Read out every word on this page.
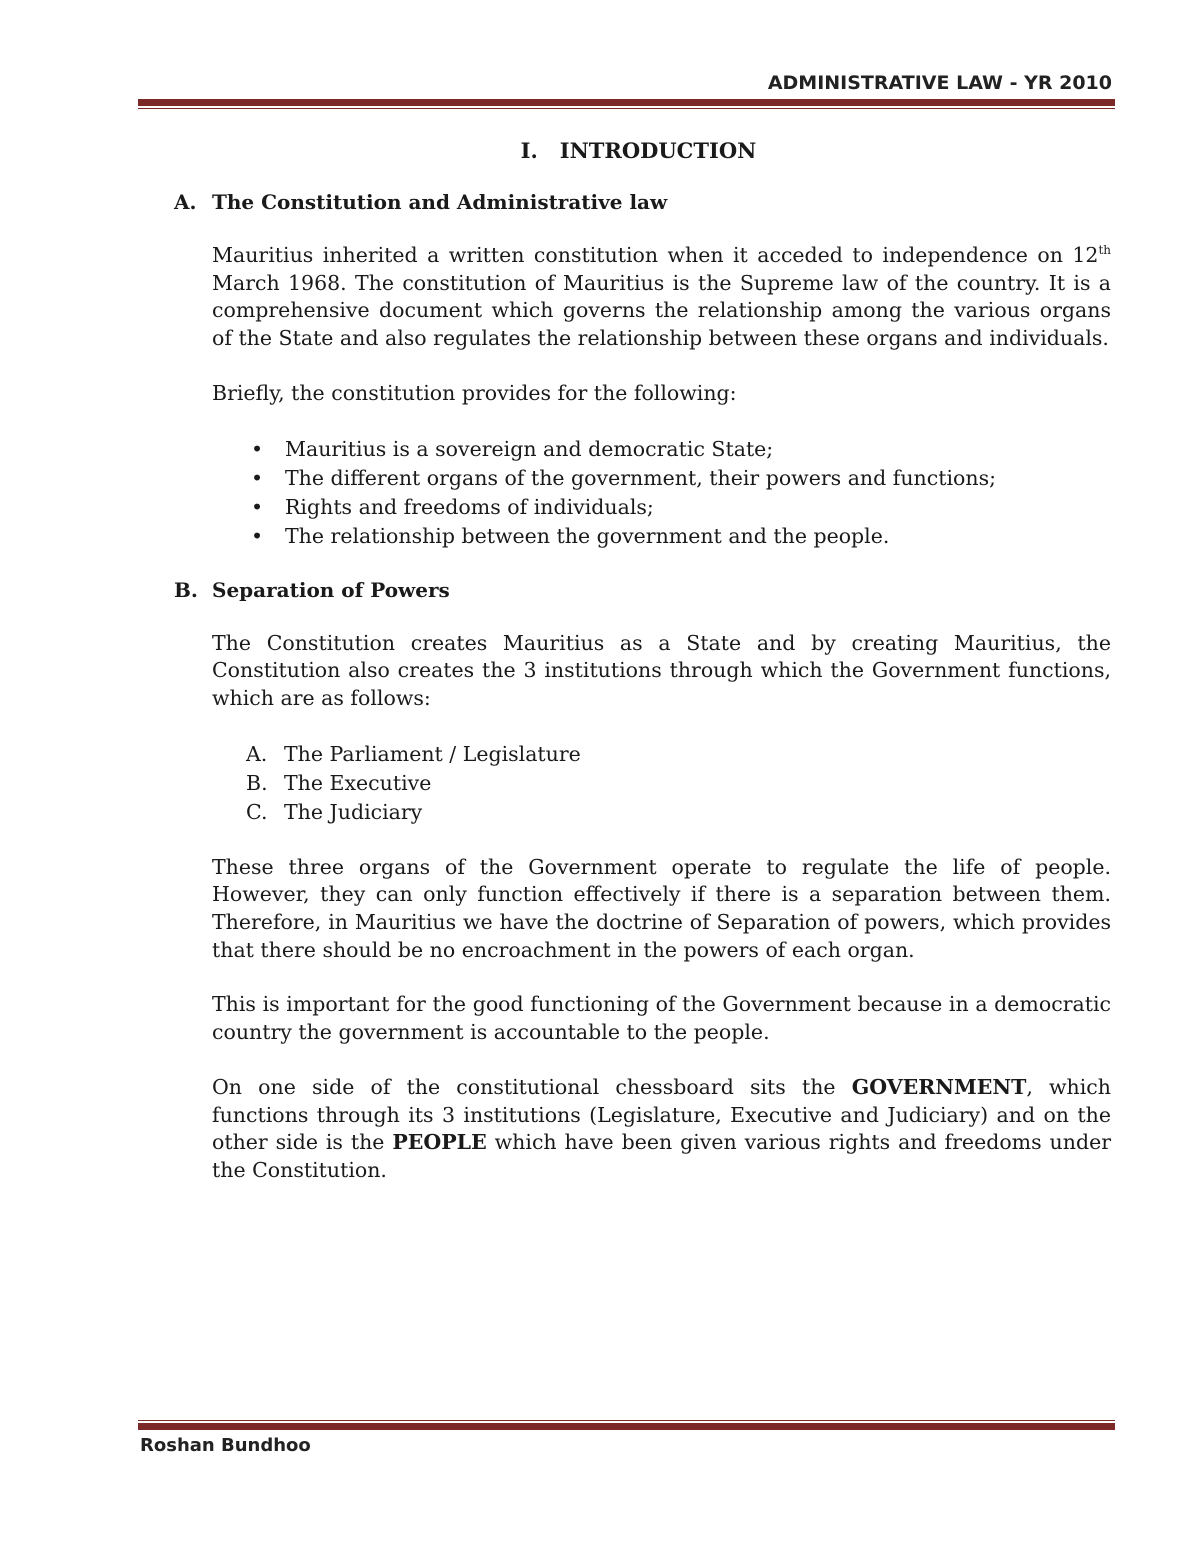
ADMINISTRATIVE LAW - YR 2010
I. INTRODUCTION
A. The Constitution and Administrative law

Mauritius inherited a written constitution when it acceded to independence on 12th March 1968. The constitution of Mauritius is the Supreme law of the country. It is a comprehensive document which governs the relationship among the various organs of the State and also regulates the relationship between these organs and individuals.

Briefly, the constitution provides for the following:

• Mauritius is a sovereign and democratic State;
• The different organs of the government, their powers and functions;
• Rights and freedoms of individuals;
• The relationship between the government and the people.
B. Separation of Powers

The Constitution creates Mauritius as a State and by creating Mauritius, the Constitution also creates the 3 institutions through which the Government functions, which are as follows:

A. The Parliament / Legislature
B. The Executive
C. The Judiciary

These three organs of the Government operate to regulate the life of people. However, they can only function effectively if there is a separation between them. Therefore, in Mauritius we have the doctrine of Separation of powers, which provides that there should be no encroachment in the powers of each organ.

This is important for the good functioning of the Government because in a democratic country the government is accountable to the people.

On one side of the constitutional chessboard sits the GOVERNMENT, which functions through its 3 institutions (Legislature, Executive and Judiciary) and on the other side is the PEOPLE which have been given various rights and freedoms under the Constitution.

Roshan Bundhoo
